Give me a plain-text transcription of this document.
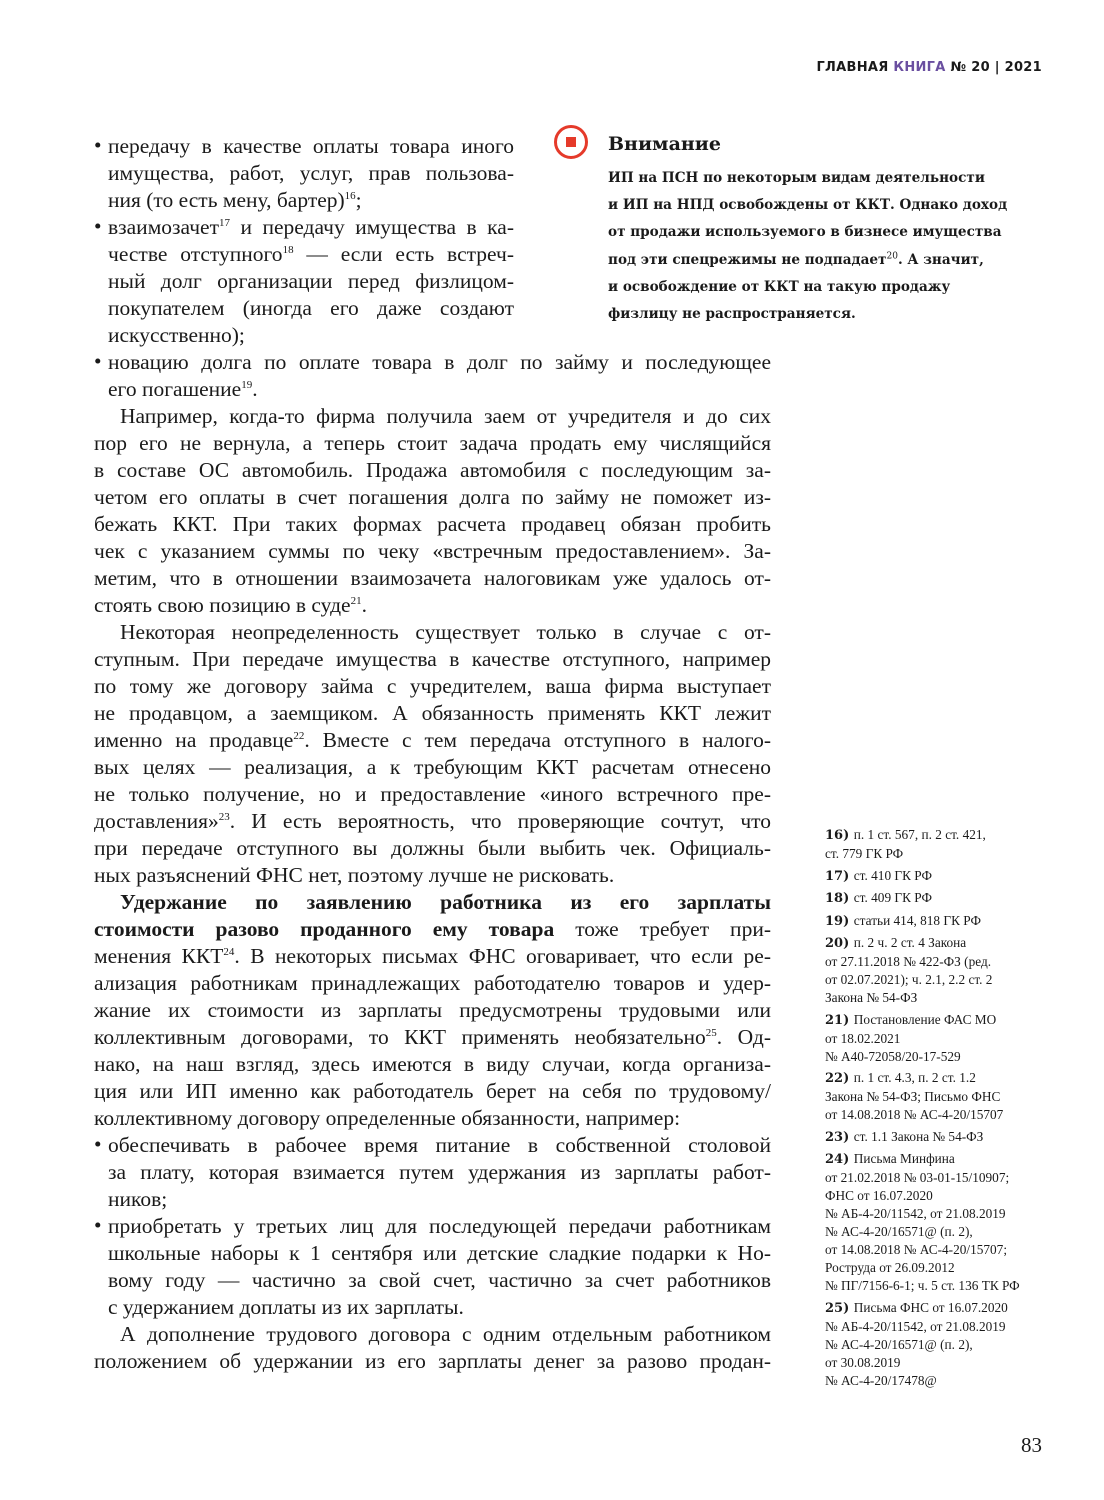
ГЛАВНАЯ КНИГА № 20 | 2021
• передачу в качестве оплаты товара иного
имущества, работ, услуг, прав пользова-
ния (то есть мену, бартер)$^{16}$;
• взаимозачет$^{17}$ и передачу имущества в ка-
честве отступного$^{18}$ — если есть встреч-
ный долг организации перед физлицом-
покупателем (иногда его даже создают
искусственно);
• новацию долга по оплате товара в долг по займу и последующее
его погашение$^{19}$.
Например, когда-то фирма получила заем от учредителя и до сих
пор его не вернула, а теперь стоит задача продать ему числящийся
в составе ОС автомобиль. Продажа автомобиля с последующим за-
четом его оплаты в счет погашения долга по займу не поможет из-
бежать ККТ. При таких формах расчета продавец обязан пробить
чек с указанием суммы по чеку «встречным предоставлением». За-
метим, что в отношении взаимозачета налоговикам уже удалось от-
стоять свою позицию в суде$^{21}$.
Некоторая неопределенность существует только в случае с от-
ступным. При передаче имущества в качестве отступного, например
по тому же договору займа с учредителем, ваша фирма выступает
не продавцом, а заемщиком. А обязанность применять ККТ лежит
именно на продавце$^{22}$. Вместе с тем передача отступного в налого-
вых целях — реализация, а к требующим ККТ расчетам отнесено
не только получение, но и предоставление «иного встречного пре-
доставления»$^{23}$. И есть вероятность, что проверяющие сочтут, что
при передаче отступного вы должны были выбить чек. Официаль-
ных разъяснений ФНС нет, поэтому лучше не рисковать.
Удержание по заявлению работника из его зарплаты
стоимости разово проданного ему товара тоже требует при-
менения ККТ$^{24}$. В некоторых письмах ФНС оговаривает, что если ре-
ализация работникам принадлежащих работодателю товаров и удер-
жание их стоимости из зарплаты предусмотрены трудовыми или
коллективным договорами, то ККТ применять необязательно$^{25}$. Од-
нако, на наш взгляд, здесь имеются в виду случаи, когда организа-
ция или ИП именно как работодатель берет на себя по трудовому/
коллективному договору определенные обязанности, например:
• обеспечивать в рабочее время питание в собственной столовой
за плату, которая взимается путем удержания из зарплаты работ-
ников;
• приобретать у третьих лиц для последующей передачи работникам
школьные наборы к 1 сентября или детские сладкие подарки к Но-
вому году — частично за свой счет, частично за счет работников
с удержанием доплаты из их зарплаты.
А дополнение трудового договора с одним отдельным работником
положением об удержании из его зарплаты денег за разово продан-
Внимание
ИП на ПСН по некоторым видам деятельности
и ИП на НПД освобождены от ККТ. Однако доход
от продажи используемого в бизнесе имущества
под эти спецрежимы не подпадает$^{20}$. А значит,
и освобождение от ККТ на такую продажу
физлицу не распространяется.
16) п. 1 ст. 567, п. 2 ст. 421,
ст. 779 ГК РФ
17) ст. 410 ГК РФ
18) ст. 409 ГК РФ
19) статьи 414, 818 ГК РФ
20) п. 2 ч. 2 ст. 4 Закона
от 27.11.2018 № 422-ФЗ (ред.
от 02.07.2021); ч. 2.1, 2.2 ст. 2
Закона № 54-ФЗ
21) Постановление ФАС МО
от 18.02.2021
№ А40-72058/20-17-529
22) п. 1 ст. 4.3, п. 2 ст. 1.2
Закона № 54-ФЗ; Письмо ФНС
от 14.08.2018 № АС-4-20/15707
23) ст. 1.1 Закона № 54-ФЗ
24) Письма Минфина
от 21.02.2018 № 03-01-15/10907;
ФНС от 16.07.2020
№ АБ-4-20/11542, от 21.08.2019
№ АС-4-20/16571@ (п. 2),
от 14.08.2018 № АС-4-20/15707;
Роструда от 26.09.2012
№ ПГ/7156-6-1; ч. 5 ст. 136 ТК РФ
25) Письма ФНС от 16.07.2020
№ АБ-4-20/11542, от 21.08.2019
№ АС-4-20/16571@ (п. 2),
от 30.08.2019
№ АС-4-20/17478@
83
